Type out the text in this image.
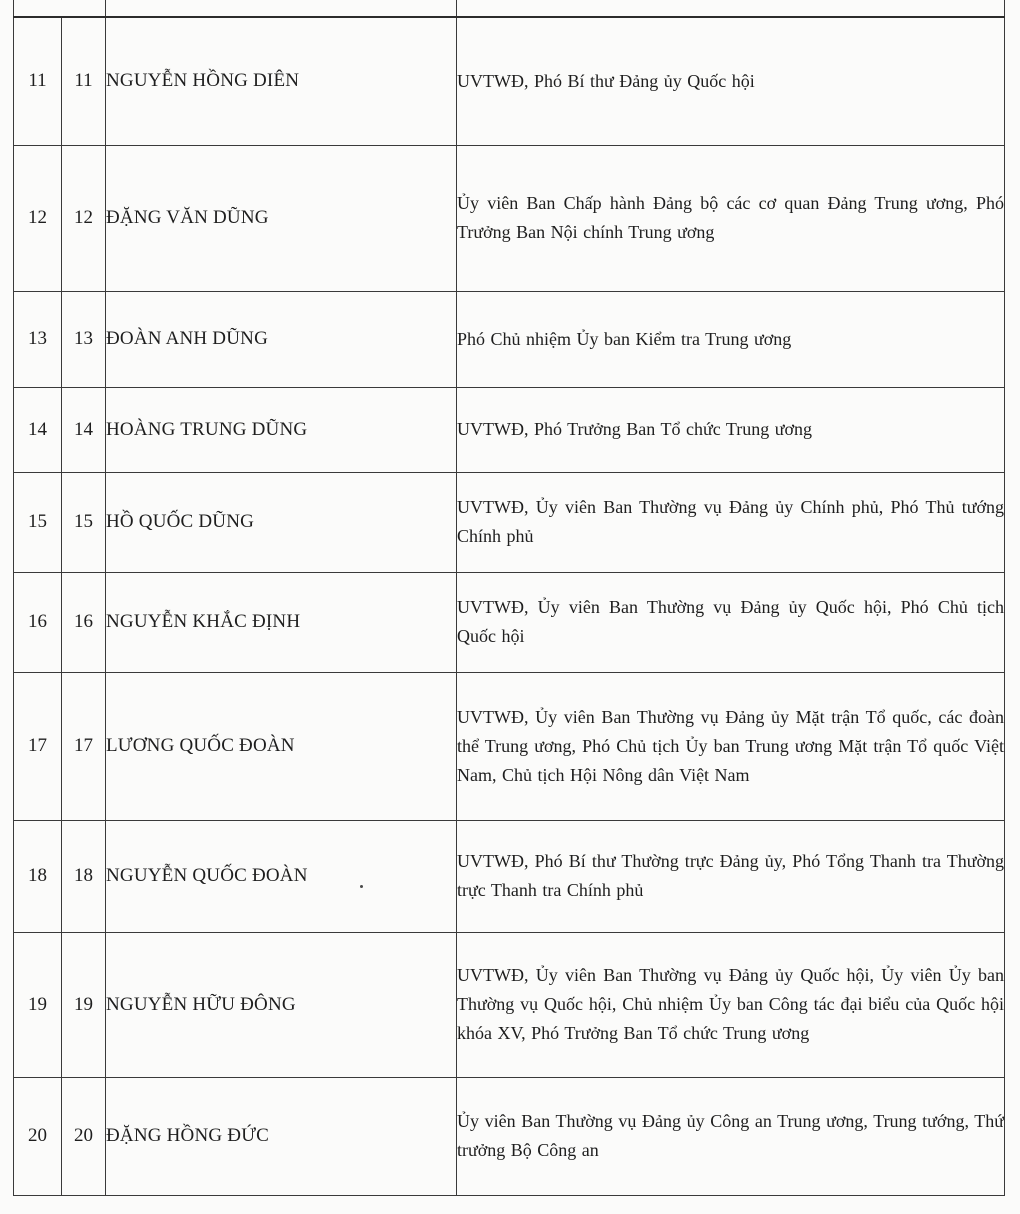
11	11	NGUYỄN HỒNG DIÊN	UVTWĐ, Phó Bí thư Đảng ủy Quốc hội
12	12	ĐẶNG VĂN DŨNG	Ủy viên Ban Chấp hành Đảng bộ các cơ quan Đảng Trung ương, Phó Trưởng Ban Nội chính Trung ương
13	13	ĐOÀN ANH DŨNG	Phó Chủ nhiệm Ủy ban Kiểm tra Trung ương
14	14	HOÀNG TRUNG DŨNG	UVTWĐ, Phó Trưởng Ban Tổ chức Trung ương
15	15	HỒ QUỐC DŨNG	UVTWĐ, Ủy viên Ban Thường vụ Đảng ủy Chính phủ, Phó Thủ tướng Chính phủ
16	16	NGUYỄN KHẮC ĐỊNH	UVTWĐ, Ủy viên Ban Thường vụ Đảng ủy Quốc hội, Phó Chủ tịch Quốc hội
17	17	LƯƠNG QUỐC ĐOÀN	UVTWĐ, Ủy viên Ban Thường vụ Đảng ủy Mặt trận Tổ quốc, các đoàn thể Trung ương, Phó Chủ tịch Ủy ban Trung ương Mặt trận Tổ quốc Việt Nam, Chủ tịch Hội Nông dân Việt Nam
18	18	NGUYỄN QUỐC ĐOÀN	UVTWĐ, Phó Bí thư Thường trực Đảng ủy, Phó Tổng Thanh tra Thường trực Thanh tra Chính phủ
19	19	NGUYỄN HỮU ĐÔNG	UVTWĐ, Ủy viên Ban Thường vụ Đảng ủy Quốc hội, Ủy viên Ủy ban Thường vụ Quốc hội, Chủ nhiệm Ủy ban Công tác đại biểu của Quốc hội khóa XV, Phó Trưởng Ban Tổ chức Trung ương
20	20	ĐẶNG HỒNG ĐỨC	Ủy viên Ban Thường vụ Đảng ủy Công an Trung ương, Trung tướng, Thứ trưởng Bộ Công an
